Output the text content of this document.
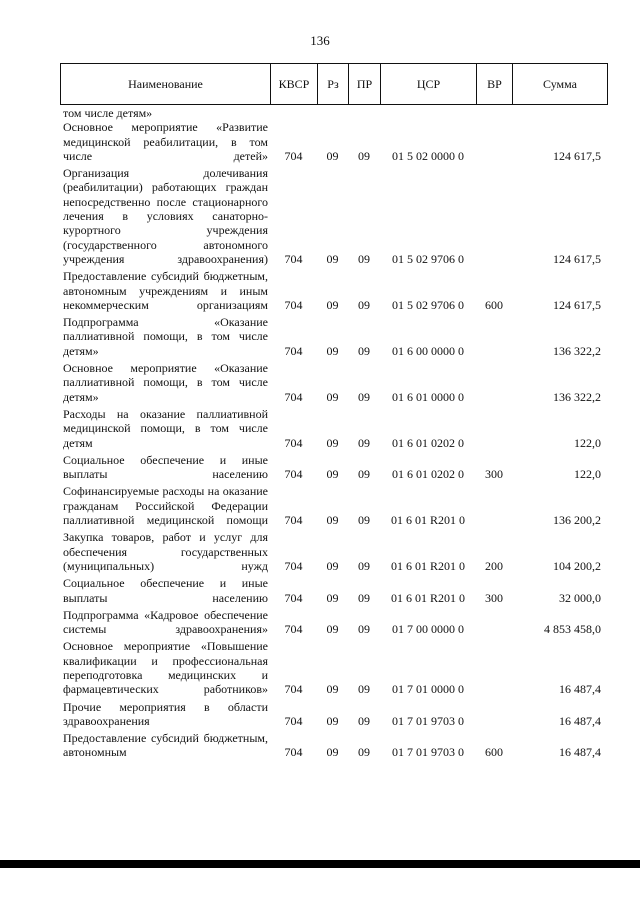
136
Наименование	КВСР	Рз	ПР	ЦСР	ВР	Сумма
том числе детям»						
Основное мероприятие «Развитие медицинской реабилитации, в том числе детей»	704	09	09	01 5 02 0000 0		124 617,5
Организация долечивания (реабилитации) работающих граждан непосредственно после стационарного лечения в условиях санаторно-курортного учреждения (государственного автономного учреждения здравоохранения)	704	09	09	01 5 02 9706 0		124 617,5
Предоставление субсидий бюджетным, автономным учреждениям и иным некоммерческим организациям	704	09	09	01 5 02 9706 0	600	124 617,5
Подпрограмма «Оказание паллиативной помощи, в том числе детям»	704	09	09	01 6 00 0000 0		136 322,2
Основное мероприятие «Оказание паллиативной помощи, в том числе детям»	704	09	09	01 6 01 0000 0		136 322,2
Расходы на оказание паллиативной медицинской помощи, в том числе детям	704	09	09	01 6 01 0202 0		122,0
Социальное обеспечение и иные выплаты населению	704	09	09	01 6 01 0202 0	300	122,0
Софинансируемые расходы на оказание гражданам Российской Федерации паллиативной медицинской помощи	704	09	09	01 6 01 R201 0		136 200,2
Закупка товаров, работ и услуг для обеспечения государственных (муниципальных) нужд	704	09	09	01 6 01 R201 0	200	104 200,2
Социальное обеспечение и иные выплаты населению	704	09	09	01 6 01 R201 0	300	32 000,0
Подпрограмма «Кадровое обеспечение системы здравоохранения»	704	09	09	01 7 00 0000 0		4 853 458,0
Основное мероприятие «Повышение квалификации и профессиональная переподготовка медицинских и фармацевтических работников»	704	09	09	01 7 01 0000 0		16 487,4
Прочие мероприятия в области здравоохранения	704	09	09	01 7 01 9703 0		16 487,4
Предоставление субсидий бюджетным, автономным	704	09	09	01 7 01 9703 0	600	16 487,4
